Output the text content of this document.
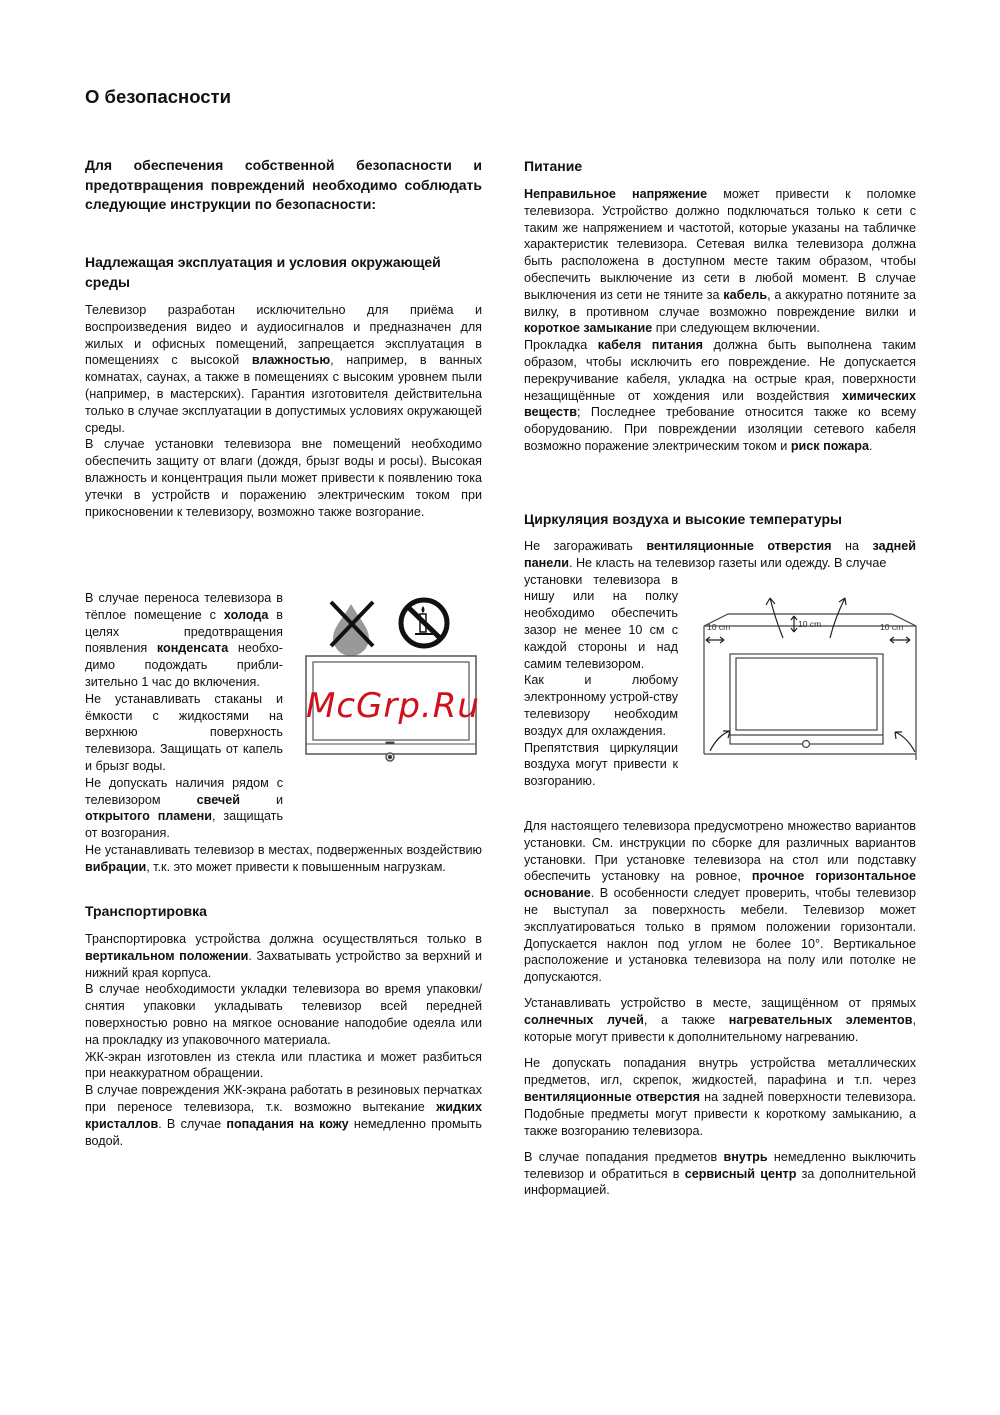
О безопасности
Для обеспечения собственной безопасности и предотвращения повреждений необходимо соблюдать следующие инструкции по безопасности:
Надлежащая эксплуатация и условия окружающей среды

Телевизор разработан исключительно для приёма и воспроизведения видео и аудиосигналов и предназначен для жилых и офисных помещений, запрещается эксплуатация в помещениях с высокой влажностью, например, в ванных комнатах, саунах, а также в помещениях с высоким уровнем пыли (например, в мастерских). Гарантия изготовителя действительна только в случае эксплуатации в допустимых условиях окружающей среды.

В случае установки телевизора вне помещений необходимо обеспечить защиту от влаги (дождя, брызг воды и росы). Высокая влажность и концентрация пыли может привести к появлению тока утечки в устройств и поражению электрическим током при прикосновении к телевизору, возможно также возгорание.

В случае переноса телевизора в тёплое помещение с холода в целях предотвращения появления конденсата необхо-димо подождать прибли-зительно 1 час до включения.

Не устанавливать стаканы и ёмкости с жидкостями на верхнюю поверхность телевизора. Защищать от капель и брызг воды.

Не допускать наличия рядом с телевизором свечей и открытого пламени, защищать от возгорания.

Не устанавливать телевизор в местах, подверженных воздействию вибрации, т.к. это может привести к повышенным нагрузкам.

Транспортировка

Транспортировка устройства должна осуществляться только в вертикальном положении. Захватывать устройство за верхний и нижний края корпуса.

В случае необходимости укладки телевизора во время упаковки/снятия упаковки укладывать телевизор всей передней поверхностью ровно на мягкое основание наподобие одеяла или на прокладку из упаковочного материала.

ЖК-экран изготовлен из стекла или пластика и может разбиться при неаккуратном обращении.

В случае повреждения ЖК-экрана работать в резиновых перчатках при переносе телевизора, т.к. возможно вытекание жидких кристаллов. В случае попадания на кожу немедленно промыть водой.

Питание

Неправильное напряжение может привести к поломке телевизора. Устройство должно подключаться только к сети с таким же напряжением и частотой, которые указаны на табличке характеристик телевизора. Сетевая вилка телевизора должна быть расположена в доступном месте таким образом, чтобы обеспечить выключение из сети в любой момент. В случае выключения из сети не тяните за кабель, а аккуратно потяните за вилку, в противном случае возможно повреждение вилки и короткое замыкание при следующем включении.

Прокладка кабеля питания должна быть выполнена таким образом, чтобы исключить его повреждение. Не допускается перекручивание кабеля, укладка на острые края, поверхности незащищённые от хождения или воздействия химических веществ; Последнее требование относится также ко всему оборудованию. При повреждении изоляции сетевого кабеля возможно поражение электрическим током и риск пожара.

Циркуляция воздуха и высокие температуры

Не загораживать вентиляционные отверстия на задней панели. Не класть на телевизор газеты или одежду. В случае

установки телевизора в нишу или на полку необходимо обеспечить зазор не менее 10 см с каждой стороны и над самим телевизором.

Как и любому электронному устрой-ству телевизору необходим воздух для охлаждения.

Препятствия циркуляции воздуха могут привести к возгоранию.

Для настоящего телевизора предусмотрено множество вариантов установки. См. инструкции по сборке для различных вариантов установки. При установке телевизора на стол или подставку обеспечить установку на ровное, прочное горизонтальное основание. В особенности следует проверить, чтобы телевизор не выступал за поверхность мебели. Телевизор может эксплуатироваться только в прямом положении горизонтали. Допускается наклон под углом не более 10°. Вертикальное расположение и установка телевизора на полу или потолке не допускаются.

Устанавливать устройство в месте, защищённом от прямых солнечных лучей, а также нагревательных элементов, которые могут привести к дополнительному нагреванию.

Не допускать попадания внутрь устройства металлических предметов, игл, скрепок, жидкостей, парафина и т.п. через вентиляционные отверстия на задней поверхности телевизора. Подобные предметы могут привести к короткому замыканию, а также возгоранию телевизора.

В случае попадания предметов внутрь немедленно выключить телевизор и обратиться в сервисный центр за дополнительной информацией.

10 cm
10 cm	10 cm
McGrp.Ru
